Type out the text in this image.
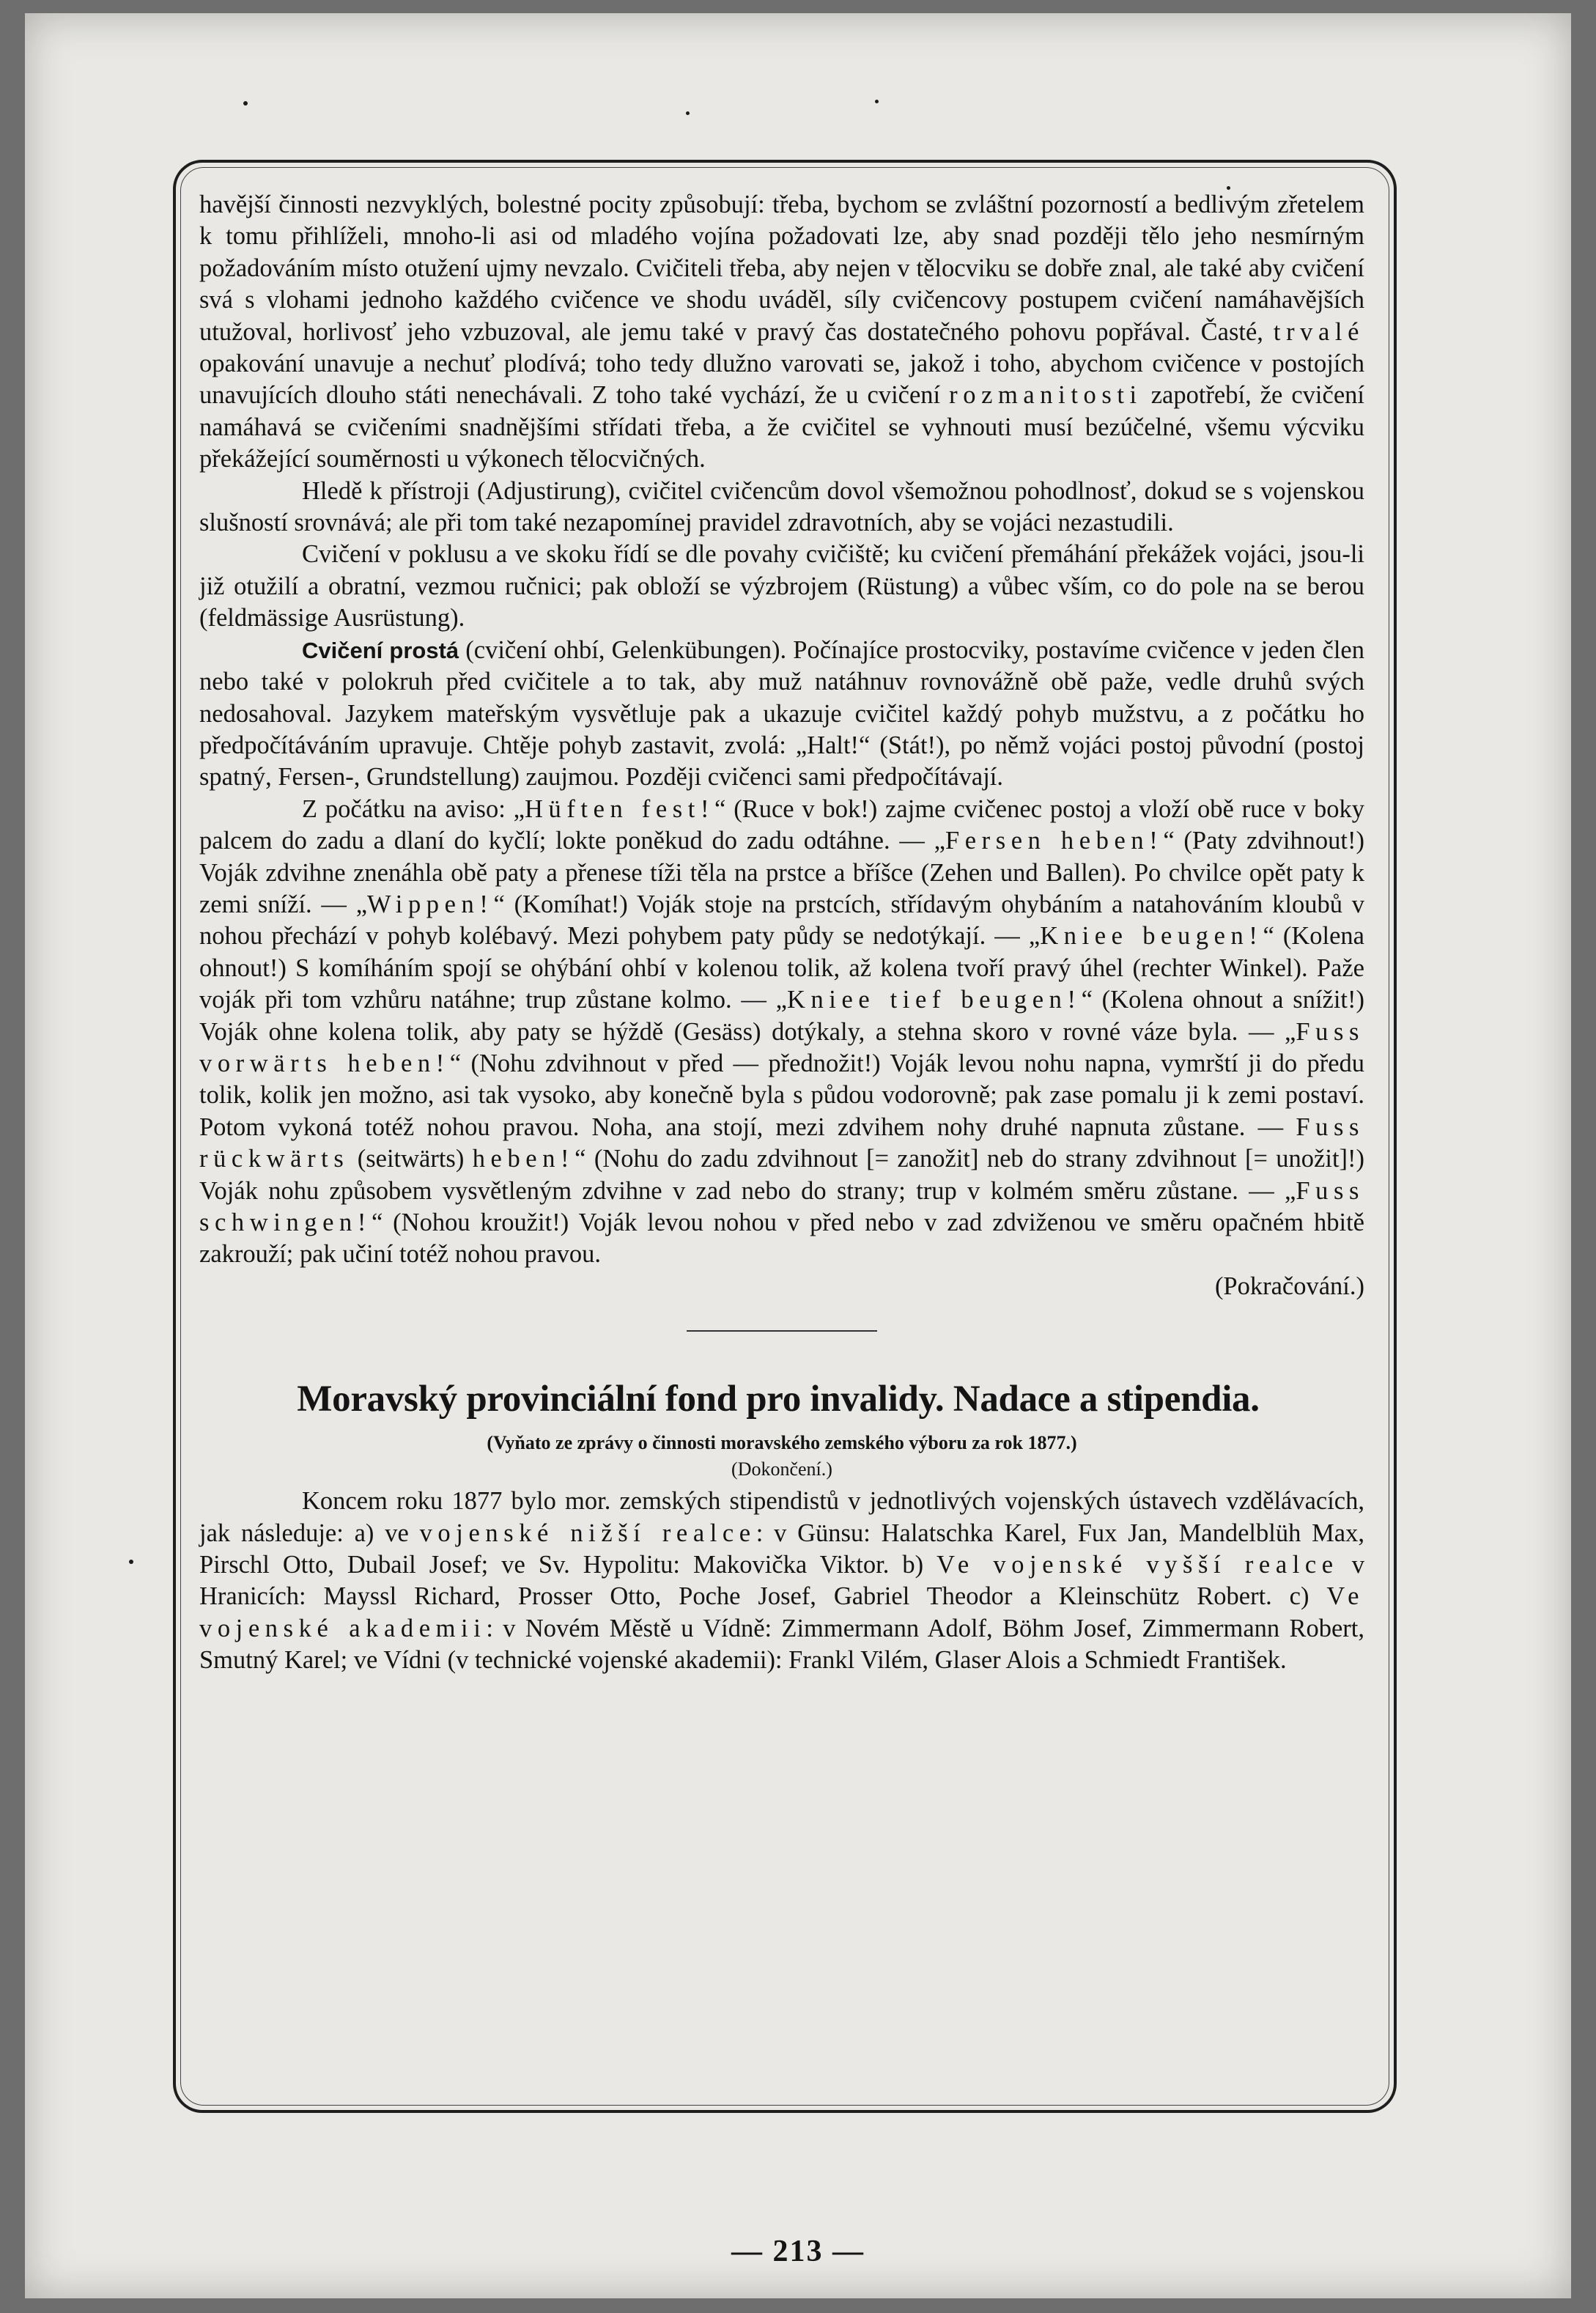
havější činnosti nezvyklých, bolestné pocity způsobují: třeba, bychom se zvláštní pozorností a bedlivým zřetelem k tomu přihlíželi, mnoho-li asi od mladého vojína požadovati lze, aby snad později tělo jeho nesmírným požadováním místo otužení ujmy nevzalo. Cvičiteli třeba, aby nejen v tělocviku se dobře znal, ale také aby cvičení svá s vlohami jednoho každého cvičence ve shodu uváděl, síly cvičencovy postupem cvičení namáhavějších utužoval, horlivosť jeho vzbuzoval, ale jemu také v pravý čas dostatečného pohovu popřával. Časté, trvalé opakování unavuje a nechuť plodívá; toho tedy dlužno varovati se, jakož i toho, abychom cvičence v postojích unavujících dlouho státi nenechávali. Z toho také vychází, že u cvičení rozmanitosti zapotřebí, že cvičení namáhavá se cvičeními snadnějšími střídati třeba, a že cvičitel se vyhnouti musí bezúčelné, všemu výcviku překážející souměrnosti u výkonech tělocvičných.

Hledě k přístroji (Adjustirung), cvičitel cvičencům dovol všemožnou pohodlnosť, dokud se s vojenskou slušností srovnává; ale při tom také nezapomínej pravidel zdravotních, aby se vojáci nezastudili.

Cvičení v poklusu a ve skoku řídí se dle povahy cvičiště; ku cvičení přemáhání překážek vojáci, jsou-li již otužilí a obratní, vezmou ručnici; pak obloží se výzbrojem (Rüstung) a vůbec vším, co do pole na se berou (feldmässige Ausrüstung).

Cvičení prostá (cvičení ohbí, Gelenkübungen). Počínajíce prostocviky, postavíme cvičence v jeden člen nebo také v polokruh před cvičitele a to tak, aby muž natáhnuv rovnovážně obě paže, vedle druhů svých nedosahoval. Jazykem mateřským vysvětluje pak a ukazuje cvičitel každý pohyb mužstvu, a z počátku ho předpočítáváním upravuje. Chtěje pohyb zastavit, zvolá: „Halt!“ (Stát!), po němž vojáci postoj původní (postoj spatný, Fersen-, Grundstellung) zaujmou. Později cvičenci sami předpočítávají.

Z počátku na aviso: „Hüften fest!“ (Ruce v bok!) zajme cvičenec postoj a vloží obě ruce v boky palcem do zadu a dlaní do kyčlí; lokte poněkud do zadu odtáhne. — „Fersen heben!“ (Paty zdvihnout!) Voják zdvihne znenáhla obě paty a přenese tíži těla na prstce a bříšce (Zehen und Ballen). Po chvilce opět paty k zemi sníží. — „Wippen!“ (Komíhat!) Voják stoje na prstcích, střídavým ohybáním a natahováním kloubů v nohou přechází v pohyb kolébavý. Mezi pohybem paty půdy se nedotýkají. — „Kniee beugen!“ (Kolena ohnout!) S komíháním spojí se ohýbání ohbí v kolenou tolik, až kolena tvoří pravý úhel (rechter Winkel). Paže voják při tom vzhůru natáhne; trup zůstane kolmo. — „Kniee tief beugen!“ (Kolena ohnout a snížit!) Voják ohne kolena tolik, aby paty se hýždě (Gesäss) dotýkaly, a stehna skoro v rovné váze byla. — „Fuss vorwärts heben!“ (Nohu zdvihnout v před — přednožit!) Voják levou nohu napna, vymrští ji do předu tolik, kolik jen možno, asi tak vysoko, aby konečně byla s půdou vodorovně; pak zase pomalu ji k zemi postaví. Potom vykoná totéž nohou pravou. Noha, ana stojí, mezi zdvihem nohy druhé napnuta zůstane. — Fuss rückwärts (seitwärts) heben!“ (Nohu do zadu zdvihnout [= zanožit] neb do strany zdvihnout [= unožit]!) Voják nohu způsobem vysvětleným zdvihne v zad nebo do strany; trup v kolmém směru zůstane. — „Fuss schwingen!“ (Nohou kroužit!) Voják levou nohou v před nebo v zad zdviženou ve směru opačném hbitě zakrouží; pak učiní totéž nohou pravou.

(Pokračování.)
Moravský provinciální fond pro invalidy. Nadace a stipendia.

(Vyňato ze zprávy o činnosti moravského zemského výboru za rok 1877.)

(Dokončení.)

Koncem roku 1877 bylo mor. zemských stipendistů v jednotlivých vojenských ústavech vzdělávacích, jak následuje: a) ve vojenské nižší realce: v Günsu: Halatschka Karel, Fux Jan, Mandelblüh Max, Pirschl Otto, Dubail Josef; ve Sv. Hypolitu: Makovička Viktor. b) Ve vojenské vyšší realce v Hranicích: Mayssl Richard, Prosser Otto, Poche Josef, Gabriel Theodor a Kleinschütz Robert. c) Ve vojenské akademii: v Novém Městě u Vídně: Zimmermann Adolf, Böhm Josef, Zimmermann Robert, Smutný Karel; ve Vídni (v technické vojenské akademii): Frankl Vilém, Glaser Alois a Schmiedt František.

— 213 —
